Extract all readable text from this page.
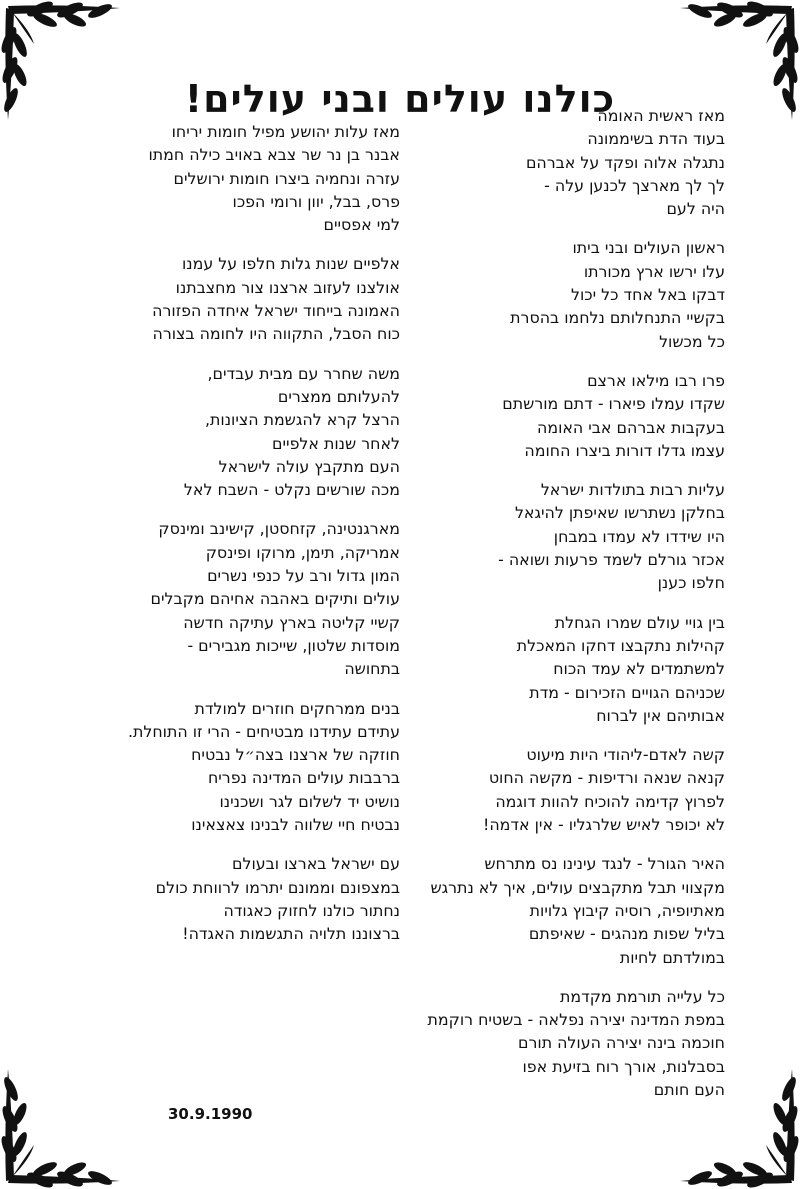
כולנו עולים ובני עולים!
מאז ראשית האומה
בעוד הדת בשיממונה
נתגלה אלוה ופקד על אברהם
לך לך מארצך לכנען עלה -
היה לעם
ראשון העולים ובני ביתו
עלו ירשו ארץ מכורתו
דבקו באל אחד כל יכול
בקשיי התנחלותם נלחמו בהסרת
כל מכשול
פרו רבו מילאו ארצם
שקדו עמלו פיארו - דתם מורשתם
בעקבות אברהם אבי האומה
עצמו גדלו דורות ביצרו החומה
עליות רבות בתולדות ישראל
בחלקן נשתרשו שאיפתן להיגאל
היו שידדו לא עמדו במבחן
אכזר גורלם לשמד פרעות ושואה -
חלפו כענן
בין גויי עולם שמרו הגחלת
קהילות נתקבצו דחקו המאכלת
למשתמדים לא עמד הכוח
שכניהם הגויים הזכירום - מדת
אבותיהם אין לברוח
קשה לאדם-ליהודי היות מיעוט
קנאה שנאה ורדיפות - מקשה החוט
לפרוץ קדימה להוכיח להוות דוגמה
לא יכופר לאיש שלרגליו - אין אדמה!
האיר הגורל - לנגד עינינו נס מתרחש
מקצווי תבל מתקבצים עולים, איך לא נתרגש
מאתיופיה, רוסיה קיבוץ גלויות
בליל שפות מנהגים - שאיפתם
במולדתם לחיות
כל עלייה תורמת מקדמת
במפת המדינה יצירה נפלאה - בשטיח רוקמת
חוכמה בינה יצירה העולה תורם
בסבלנות, אורך רוח בזיעת אפו
העם חותם
מאז עלות יהושע מפיל חומות יריחו
אבנר בן נר שר צבא באויב כילה חמתו
עזרה ונחמיה ביצרו חומות ירושלים
פרס, בבל, יוון ורומי הפכו
למי אפסיים
אלפיים שנות גלות חלפו על עמנו
אולצנו לעזוב ארצנו צור מחצבתנו
האמונה בייחוד ישראל איחדה הפזורה
כוח הסבל, התקווה היו לחומה בצורה
משה שחרר עם מבית עבדים,
להעלותם ממצרים
הרצל קרא להגשמת הציונות,
לאחר שנות אלפיים
העם מתקבץ עולה לישראל
מכה שורשים נקלט - השבח לאל
מארגנטינה, קזחסטן, קישינב ומינסק
אמריקה, תימן, מרוקו ופינסק
המון גדול ורב על כנפי נשרים
עולים ותיקים באהבה אחיהם מקבלים
קשיי קליטה בארץ עתיקה חדשה
מוסדות שלטון, שייכות מגבירים -
בתחושה
בנים ממרחקים חוזרים למולדת
עתידם עתידנו מבטיחים - הרי זו התוחלת.
חוזקה של ארצנו בצה״ל נבטיח
ברבבות עולים המדינה נפריח
נושיט יד לשלום לגר ושכנינו
נבטיח חיי שלווה לבנינו צאצאינו
עם ישראל בארצו ובעולם
במצפונם וממונם יתרמו לרווחת כולם
נחתור כולנו לחזוק כאגודה
ברצוננו תלויה התגשמות האגדה!
30.9.1990
